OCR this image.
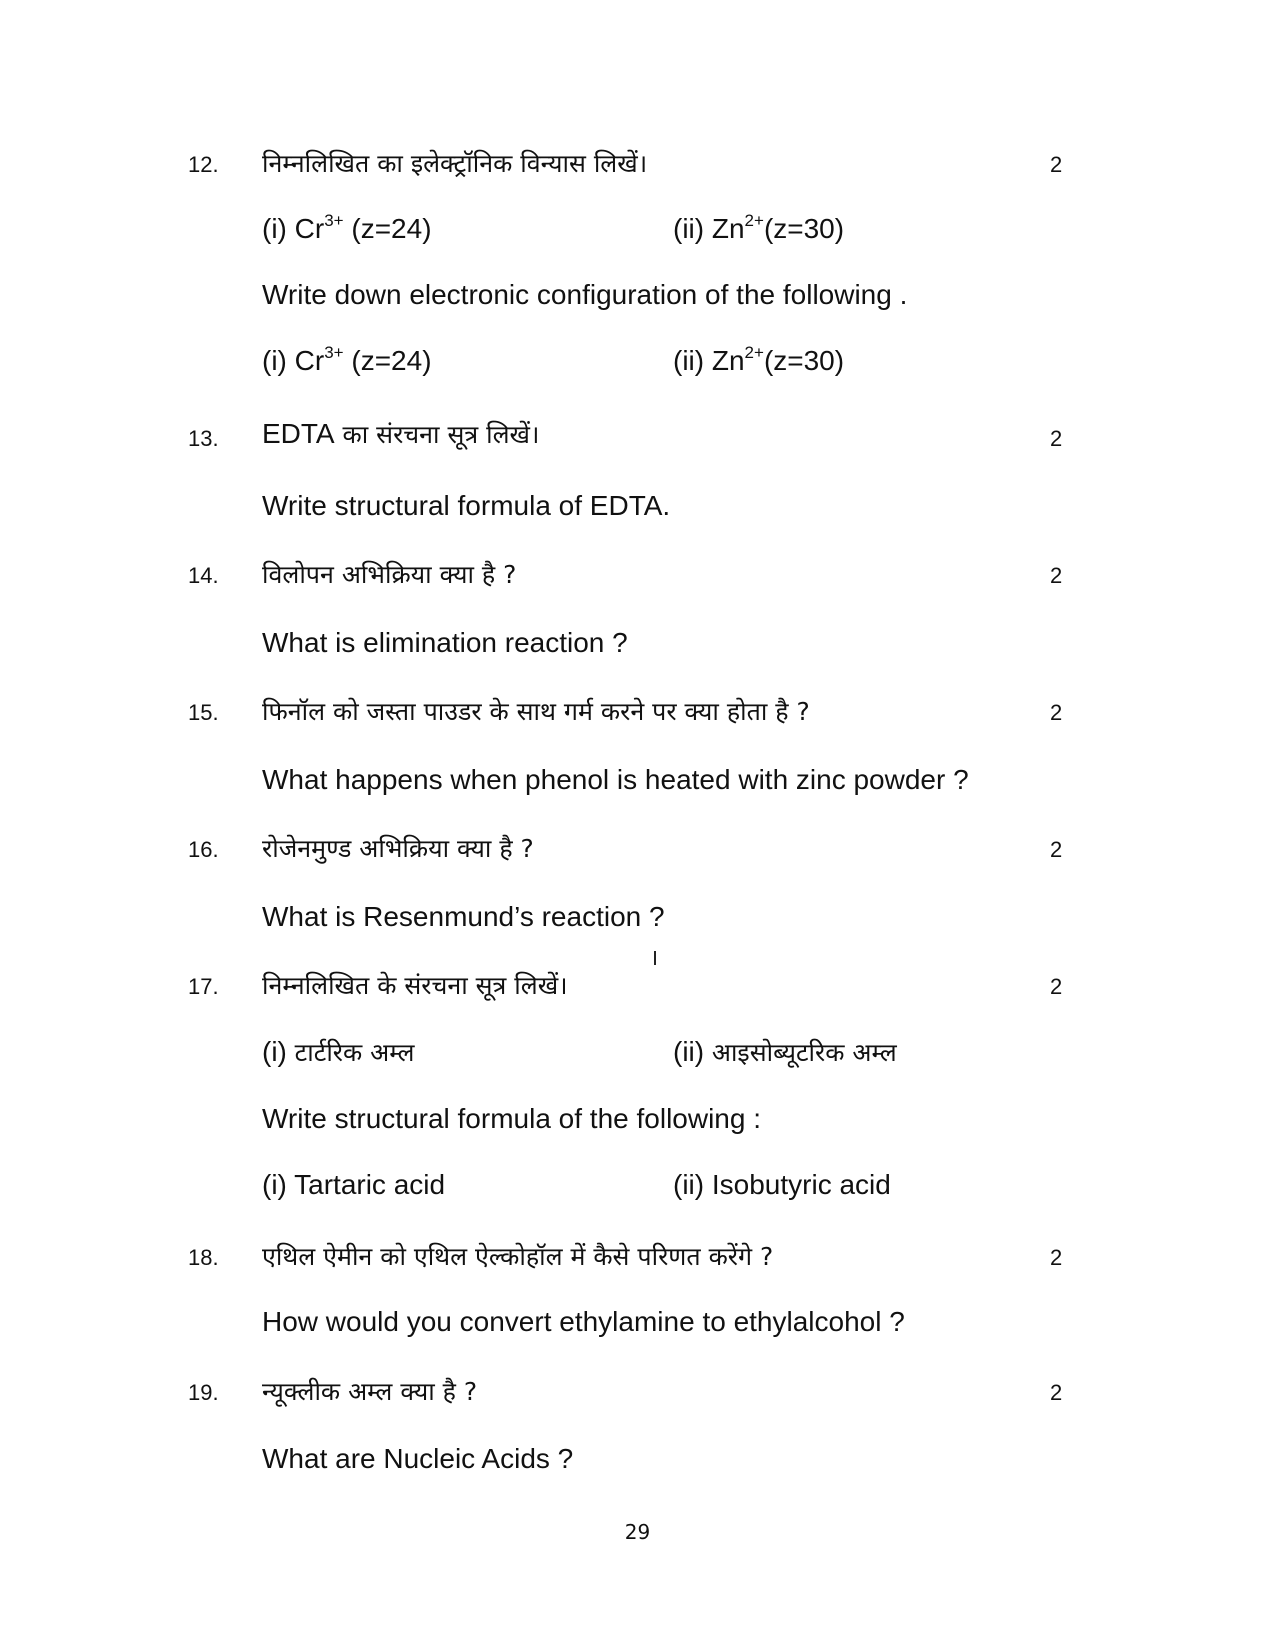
12. निम्नलिखित का इलेक्ट्रॉनिक विन्यास लिखें।	2
(i) $Cr^{3+}$ (z=24)	(ii) $Zn^{2+}(z=30)$
Write down electronic configuration of the following .
(i) $Cr^{3+}$ (z=24)	(ii) $Zn^{2+}(z=30)$
13. EDTA का संरचना सूत्र लिखें।	2
Write structural formula of EDTA.
14. विलोपन अभिक्रिया क्या है ?	2
What is elimination reaction ?
15. फिनॉल को जस्ता पाउडर के साथ गर्म करने पर क्या होता है ?	2
What happens when phenol is heated with zinc powder ?
16. रोजेनमुण्ड अभिक्रिया क्या है ?	2
What is Resenmund’s reaction ?
17. निम्नलिखित के संरचना सूत्र लिखें।	2
(i) टार्टरिक अम्ल	(ii) आइसोब्यूटरिक अम्ल
Write structural formula of the following :
(i) Tartaric acid	(ii) Isobutyric acid
18. एथिल ऐमीन को एथिल ऐल्कोहॉल में कैसे परिणत करेंगे ?	2
How would you convert ethylamine to ethylalcohol ?
19. न्यूक्लीक अम्ल क्या है ?	2
What are Nucleic Acids ?
29
